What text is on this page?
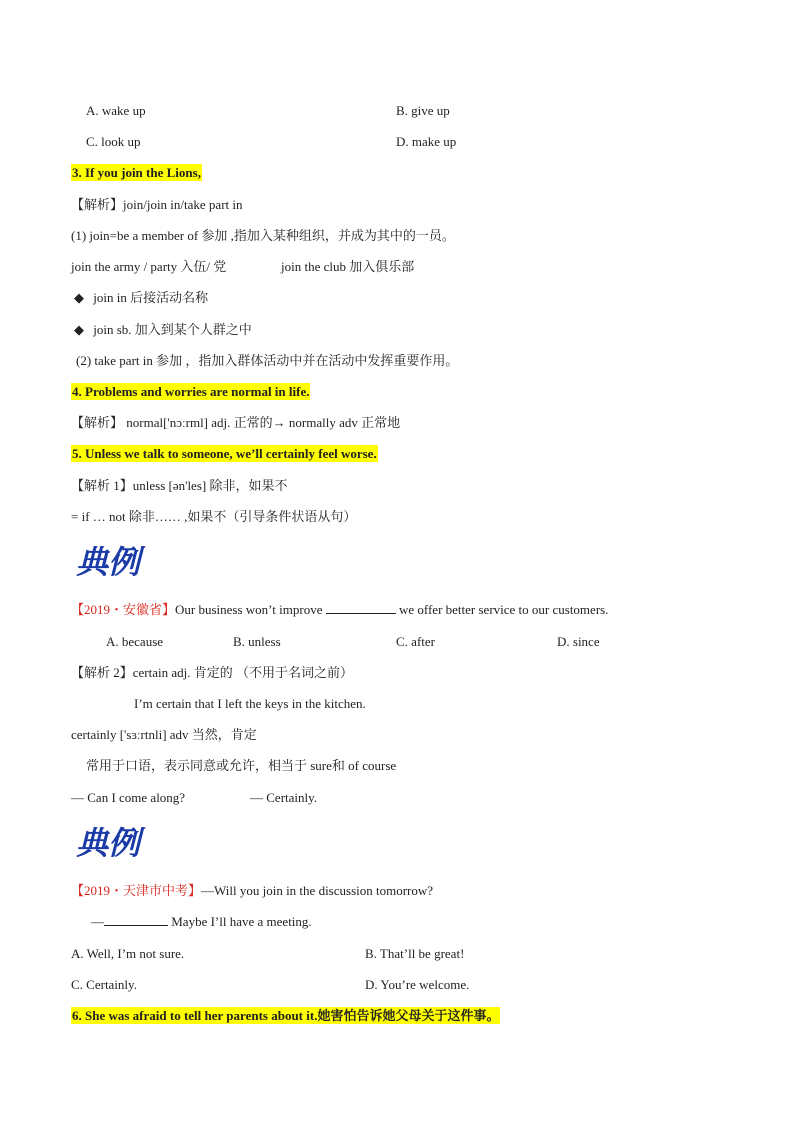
A. wake up	B. give up
C. look up	D. make up
3. If you join the Lions,
【解析】join/join in/take part in
(1) join=be a member of 参加 ,指加入某种组织，并成为其中的一员。
join the army / party 入伍/ 党	join the club 加入俱乐部
◆ join in 后接活动名称
◆ join sb. 加入到某个人群之中
(2) take part in 参加 ，指加入群体活动中并在活动中发挥重要作用。
4. Problems and worries are normal in life.
【解析】 normal['nɔːrml] adj. 正常的→ normally adv 正常地
5. Unless we talk to someone, we’ll certainly feel worse.
【解析 1】unless [ən'les] 除非，如果不
= if … not 除非…… ,如果不（引导条件状语从句）
典例
【2019・安徽省】Our business won’t improve	we offer better service to our customers.
A. because	B. unless	C. after	D. since
【解析 2】certain adj. 肯定的 （不用于名词之前）
I’m certain that I left the keys in the kitchen.
certainly ['sɜːrtnli] adv 当然，肯定
常用于口语，表示同意或允许，相当于 sure和 of course
— Can I come along?	— Certainly.
典例
【2019・天津市中考】—Will you join in the discussion tomorrow?
—	Maybe I’ll have a meeting.
A. Well, I’m not sure.	B. That’ll be great!
C. Certainly.	D. You’re welcome.
6. She was afraid to tell her parents about it.她害怕告诉她父母关于这件事。
